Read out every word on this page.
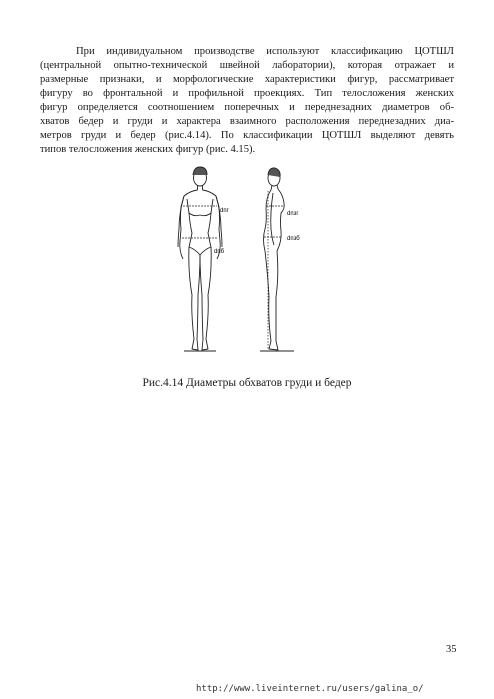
При индивидуальном производстве используют классификацию ЦОТШЛ
(центральной опытно-технической швейной лаборатории), которая отражает и
размерные признаки, и морфологические характеристики фигур, рассматривает
фигуру во фронтальной и профильной проекциях. Тип телосложения женских
фигур определяется соотношением поперечных и переднезадних диаметров об-
хватов бедер и груди и характера взаимного расположения переднезадних диа-
метров груди и бедер (рис.4.14). По классификации ЦОТШЛ выделяют девять
типов телосложения женских фигур (рис. 4.15).
dпг
dпб
dпзг
dпзб
Рис.4.14 Диаметры обхватов груди и бедер
35
http://www.liveinternet.ru/users/galina_o/
